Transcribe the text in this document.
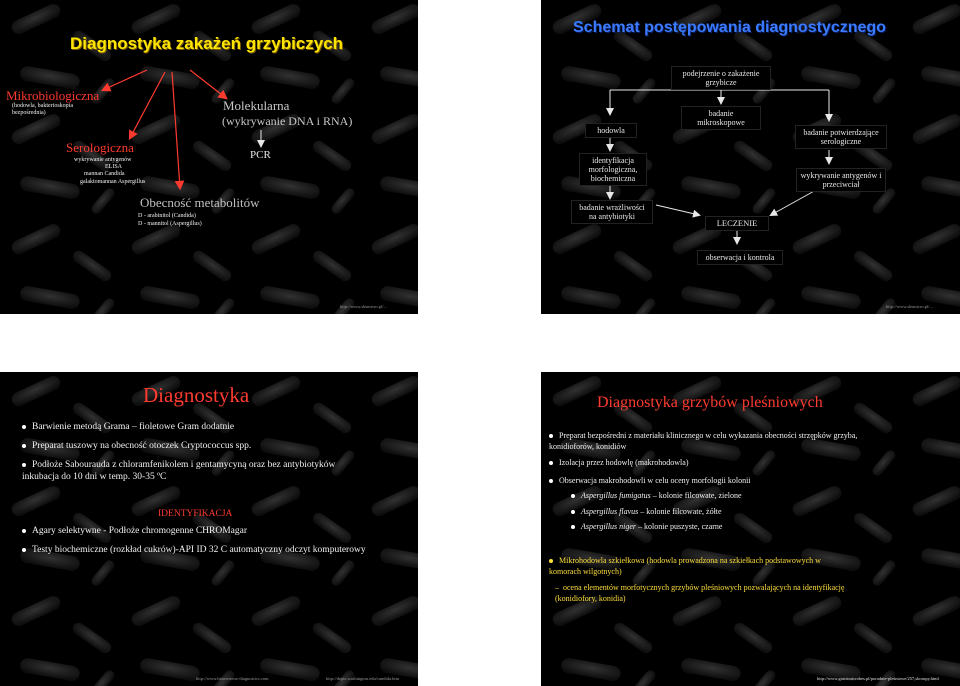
Diagnostyka zakażeń grzybiczych
Mikrobiologiczna
(hodowla, bakterioskopia
bezpośrednia)	Molekularna
(wykrywanie DNA i RNA)
PCR
Serologiczna
wykrywanie antygenów
ELISA
mannan Candida
galaktomannan Aspergillus
Obecność metabolitów
D - arabinitol (Candida)
D - mannitol (Aspergillus)
http://www.sbsmicro.pl/...
Schemat postępowania diagnostycznego
podejrzenie o zakażenie grzybicze
badanie mikroskopowe
hodowla	badanie potwierdzające serologiczne
identyfikacja morfologiczna, biochemiczna	wykrywanie antygenów i przeciwciał
badanie wrażliwości na antybiotyki
LECZENIE
obserwacja i kontrola
http://www.sbsmicro.pl/...
Diagnostyka
Barwienie metodą Grama – fioletowe Gram dodatnie
Preparat tuszowy na obecność otoczek Cryptococcus spp.
Podłoże Sabourauda z chloramfenikolem i gentamycyną oraz bez antybiotyków inkubacja do 10 dni w temp. 30-35 ºC
IDENTYFIKACJA
Agary selektywne - Podłoże chromogenne CHROMagar
Testy biochemiczne (rozkład cukrów)-API ID 32 C automatyczny odczyt komputerowy
http://www.biomerieux-diagnostics.com	http://depts.washington.edu/candida.htm
Diagnostyka grzybów pleśniowych
Preparat bezpośredni z materiału klinicznego w celu wykazania obecności strzępków grzyba, konidioforów, konidiów
Izolacja przez hodowlę (makrohodowla)
Obserwacja makrohodowli w celu oceny morfologii kolonii
Aspergillus fumigatus – kolonie filcowate, zielone
Aspergillus flavus – kolonie filcowate, żółte
Aspergillus niger – kolonie puszyste, czarne
Mikrohodowla szkiełkowa (hodowla prowadzona na szkiełkach podstawowych w komorach wilgotnych)
–  ocena elementów morfotycznych grzybów pleśniowych pozwalających na identyfikację (konidiofory, konidia)
http://www.gastrimicrobes.pl/poradnie-pleśniowe/257,skorupy.html
